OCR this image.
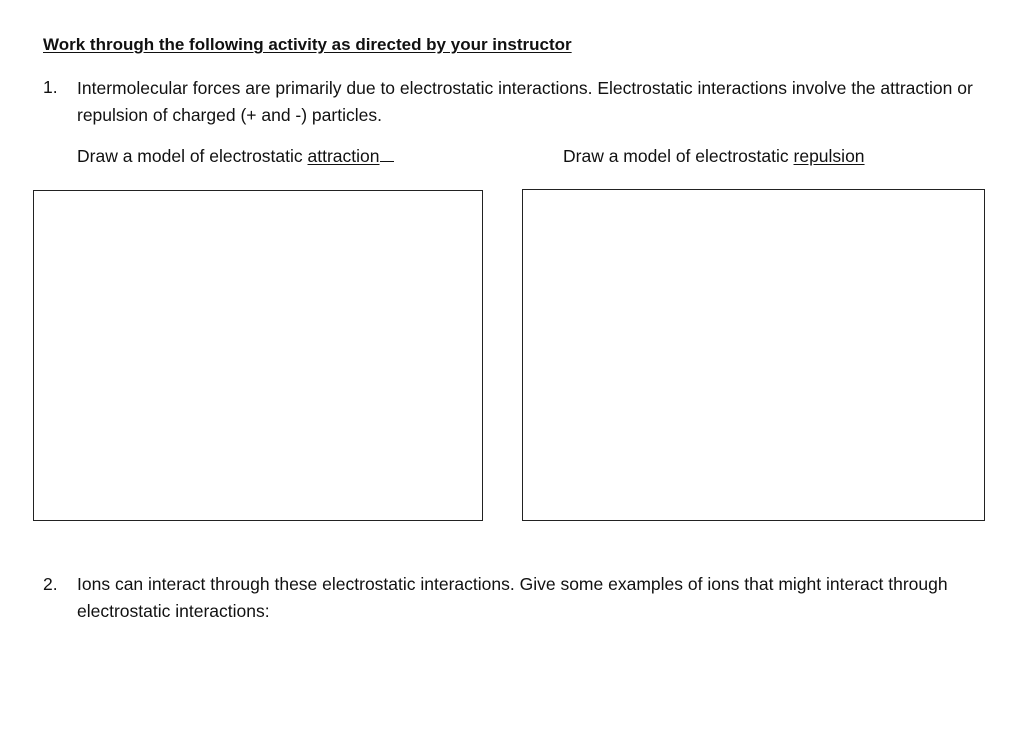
Work through the following activity as directed by your instructor
1. Intermolecular forces are primarily due to electrostatic interactions. Electrostatic interactions involve the attraction or repulsion of charged (+ and -) particles.
Draw a model of electrostatic attraction	Draw a model of electrostatic repulsion
2. Ions can interact through these electrostatic interactions. Give some examples of ions that might interact through electrostatic interactions:
